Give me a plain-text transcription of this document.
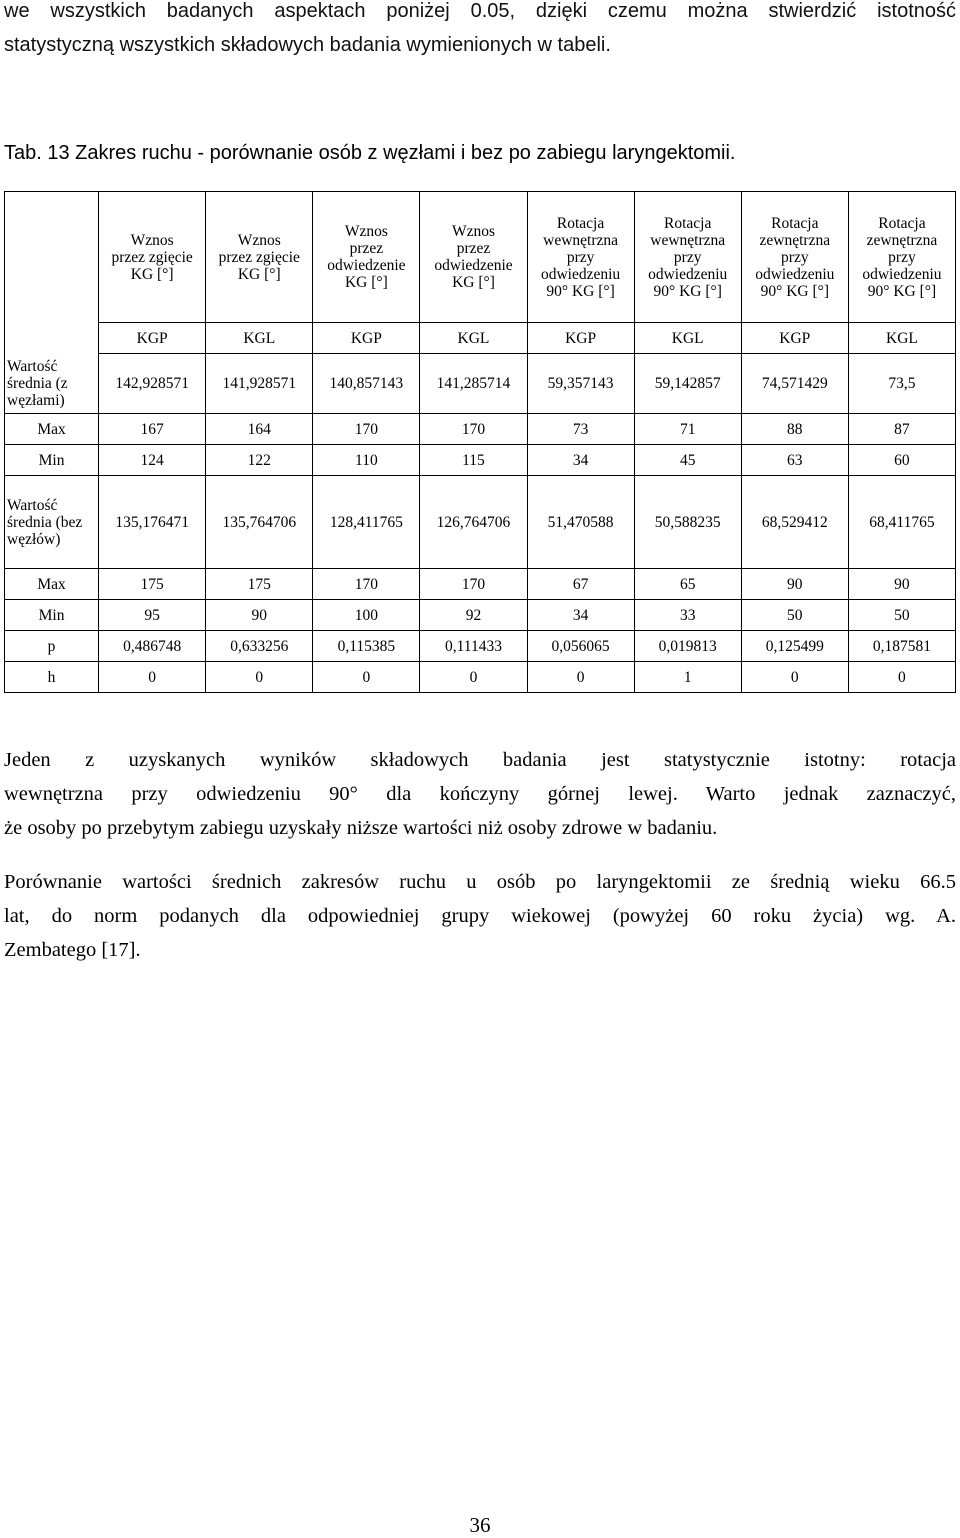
we wszystkich badanych aspektach poniżej 0.05, dzięki czemu można stwierdzić istotność
statystyczną wszystkich składowych badania wymienionych w tabeli.
Tab. 13 Zakres ruchu - porównanie osób z węzłami i bez po zabiegu laryngektomii.

	Wznos
przez zgięcie
KG [°]	Wznos
przez zgięcie
KG [°]	Wznos
przez
odwiedzenie
KG [°]	Wznos
przez
odwiedzenie
KG [°]	Rotacja
wewnętrzna
przy
odwiedzeniu
90° KG [°]	Rotacja
wewnętrzna
przy
odwiedzeniu
90° KG [°]	Rotacja
zewnętrzna
przy
odwiedzeniu
90° KG [°]	Rotacja
zewnętrzna
przy
odwiedzeniu
90° KG [°]

	KGP	KGL	KGP	KGL	KGP	KGL	KGP	KGL
Wartość średnia (z węzłami)	142,928571	141,928571	140,857143	141,285714	59,357143	59,142857	74,571429	73,5
Max	167	164	170	170	73	71	88	87
Min	124	122	110	115	34	45	63	60
Wartość średnia (bez węzłów)	135,176471	135,764706	128,411765	126,764706	51,470588	50,588235	68,529412	68,411765
Max	175	175	170	170	67	65	90	90
Min	95	90	100	92	34	33	50	50
p	0,486748	0,633256	0,115385	0,111433	0,056065	0,019813	0,125499	0,187581
h	0	0	0	0	0	1	0	0
Jeden z uzyskanych wyników składowych badania jest statystycznie istotny: rotacja
wewnętrzna przy odwiedzeniu 90° dla kończyny górnej lewej. Warto jednak zaznaczyć,
że osoby po przebytym zabiegu uzyskały niższe wartości niż osoby zdrowe w badaniu.
Porównanie wartości średnich zakresów ruchu u osób po laryngektomii ze średnią wieku 66.5
lat, do norm podanych dla odpowiedniej grupy wiekowej (powyżej 60 roku życia) wg. A.
Zembatego [17].
36
